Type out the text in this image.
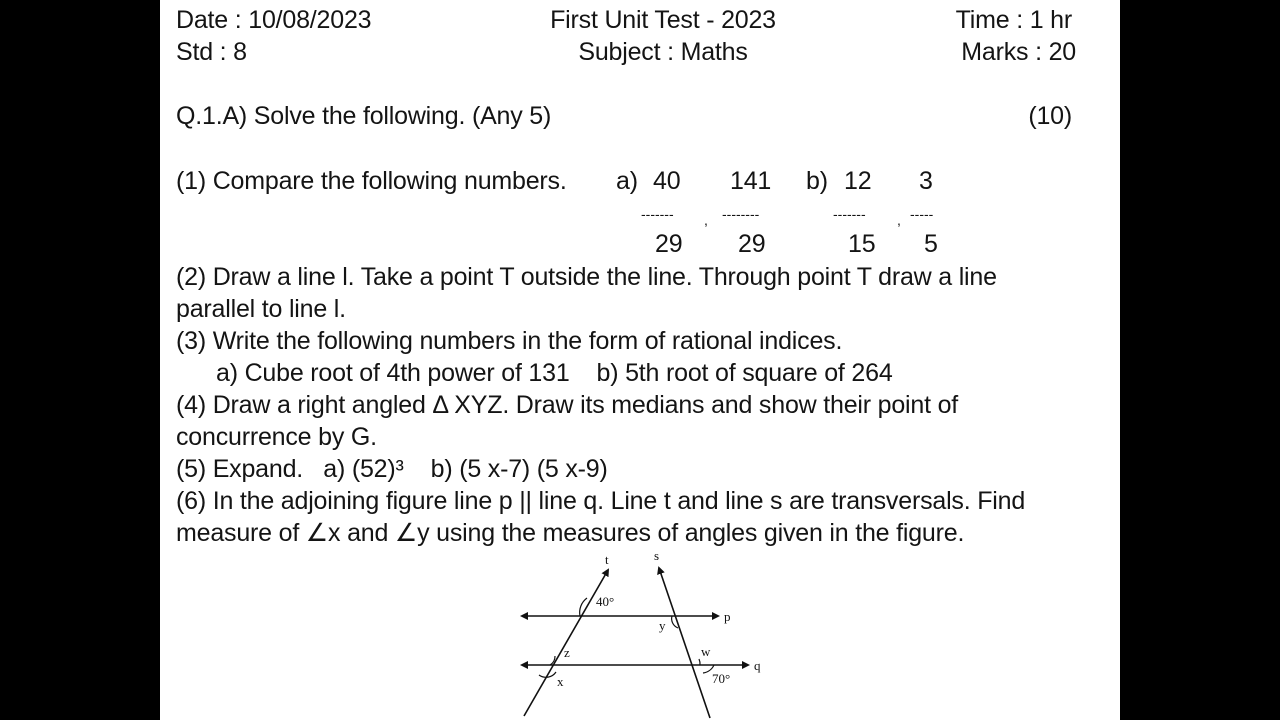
Date : 10/08/2023	First Unit Test - 2023	Time : 1 hr
Std : 8	Subject : Maths	Marks : 20
Q.1.A) Solve the following. (Any 5)	(10)
(1) Compare the following numbers. a) 40 141 b) 12 3
------- , --------	------- , -----
29 29	15 5
(2) Draw a line l. Take a point T outside the line. Through point T draw a line
parallel to line l.
(3) Write the following numbers in the form of rational indices.
a) Cube root of 4th power of 131    b) 5th root of square of 264
(4) Draw a right angled Δ XYZ. Draw its medians and show their point of
concurrence by G.
(5) Expand.   a) (52)³    b) (5 x-7) (5 x-9)
(6) In the adjoining figure line p || line q. Line t and line s are transversals. Find
measure of ∠x and ∠y using the measures of angles given in the figure.
t	s
p
q
40°
y
z
x
w
70°
